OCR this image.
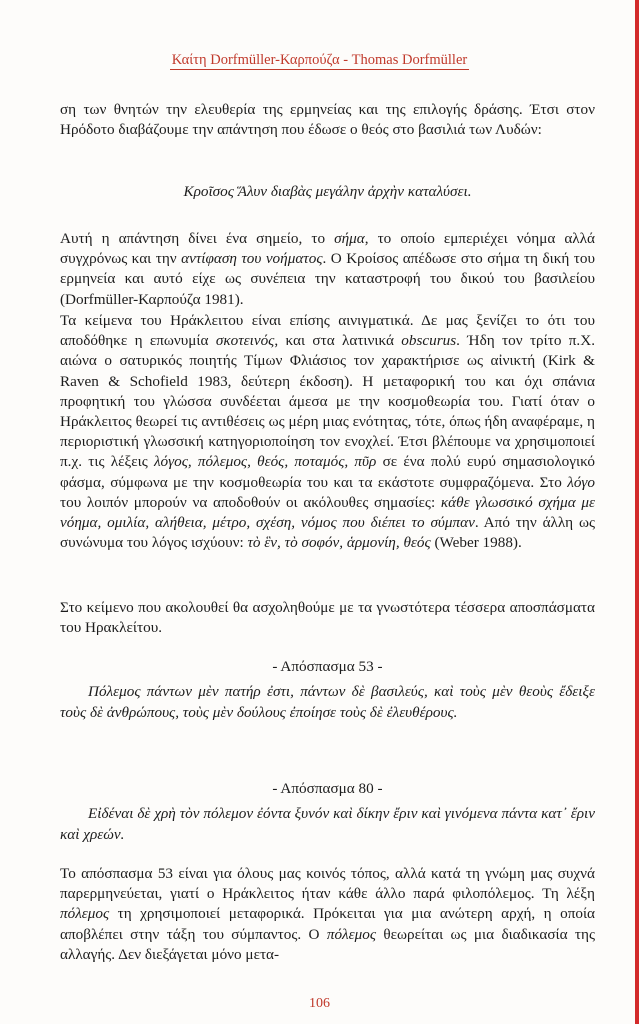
Καίτη Dorfmüller-Καρπούζα - Thomas Dorfmüller

ση των θνητών την ελευθερία της ερμηνείας και της επιλογής δράσης. Έτσι στον Ηρόδοτο διαβάζουμε την απάντηση που έδωσε ο θεός στο βασιλιά των Λυδών:

Κροῖσος Ἅλυν διαβὰς μεγάλην ἀρχὴν καταλύσει.

Αυτή η απάντηση δίνει ένα σημείο, το σήμα, το οποίο εμπεριέχει νόημα αλλά συγχρόνως και την αντίφαση του νοήματος. Ο Κροίσος απέδωσε στο σήμα τη δική του ερμηνεία και αυτό είχε ως συνέπεια την καταστροφή του δικού του βασιλείου (Dorfmüller-Καρπούζα 1981).

Τα κείμενα του Ηράκλειτου είναι επίσης αινιγματικά. Δε μας ξενίζει το ότι του αποδόθηκε η επωνυμία σκοτεινός, και στα λατινικά obscurus. Ήδη τον τρίτο π.Χ. αιώνα ο σατυρικός ποιητής Τίμων Φλιάσιος τον χαρακτήρισε ως αἰνικτή (Kirk & Raven & Schofield 1983, δεύτερη έκδοση). Η μεταφορική του και όχι σπάνια προφητική του γλώσσα συνδέεται άμεσα με την κοσμοθεωρία του. Γιατί όταν ο Ηράκλειτος θεωρεί τις αντιθέσεις ως μέρη μιας ενότητας, τότε, όπως ήδη αναφέραμε, η περιοριστική γλωσσική κατηγοριοποίηση τον ενοχλεί. Έτσι βλέπουμε να χρησιμοποιεί π.χ. τις λέξεις λόγος, πόλεμος, θεός, ποταμός, πῦρ σε ένα πολύ ευρύ σημασιολογικό φάσμα, σύμφωνα με την κοσμοθεωρία του και τα εκάστοτε συμφραζόμενα. Στο λόγο του λοιπόν μπορούν να αποδοθούν οι ακόλουθες σημασίες: κάθε γλωσσικό σχήμα με νόημα, ομιλία, αλήθεια, μέτρο, σχέση, νόμος που διέπει το σύμπαν. Από την άλλη ως συνώνυμα του λόγος ισχύουν: τὸ ἓν, τὸ σοφόν, ἁρμονίη, θεός (Weber 1988).

Στο κείμενο που ακολουθεί θα ασχοληθούμε με τα γνωστότερα τέσσερα αποσπάσματα του Ηρακλείτου.

- Απόσπασμα 53 -

Πόλεμος πάντων μὲν πατήρ ἐστι, πάντων δὲ βασιλεύς, καὶ τοὺς μὲν θεοὺς ἔδειξε τοὺς δὲ ἀνθρώπους, τοὺς μὲν δούλους ἐποίησε τοὺς δὲ ἐλευθέρους.

- Απόσπασμα 80 -

Εἰδέναι δὲ χρὴ τὸν πόλεμον ἐόντα ξυνόν καὶ δίκην ἔριν καὶ γινόμενα πάντα κατ᾽ ἔριν καὶ χρεών.

Το απόσπασμα 53 είναι για όλους μας κοινός τόπος, αλλά κατά τη γνώμη μας συχνά παρερμηνεύεται, γιατί ο Ηράκλειτος ήταν κάθε άλλο παρά φιλοπόλεμος. Τη λέξη πόλεμος τη χρησιμοποιεί μεταφορικά. Πρόκειται για μια ανώτερη αρχή, η οποία αποβλέπει στην τάξη του σύμπαντος. Ο πόλεμος θεωρείται ως μια διαδικασία της αλλαγής. Δεν διεξάγεται μόνο μετα-

106
